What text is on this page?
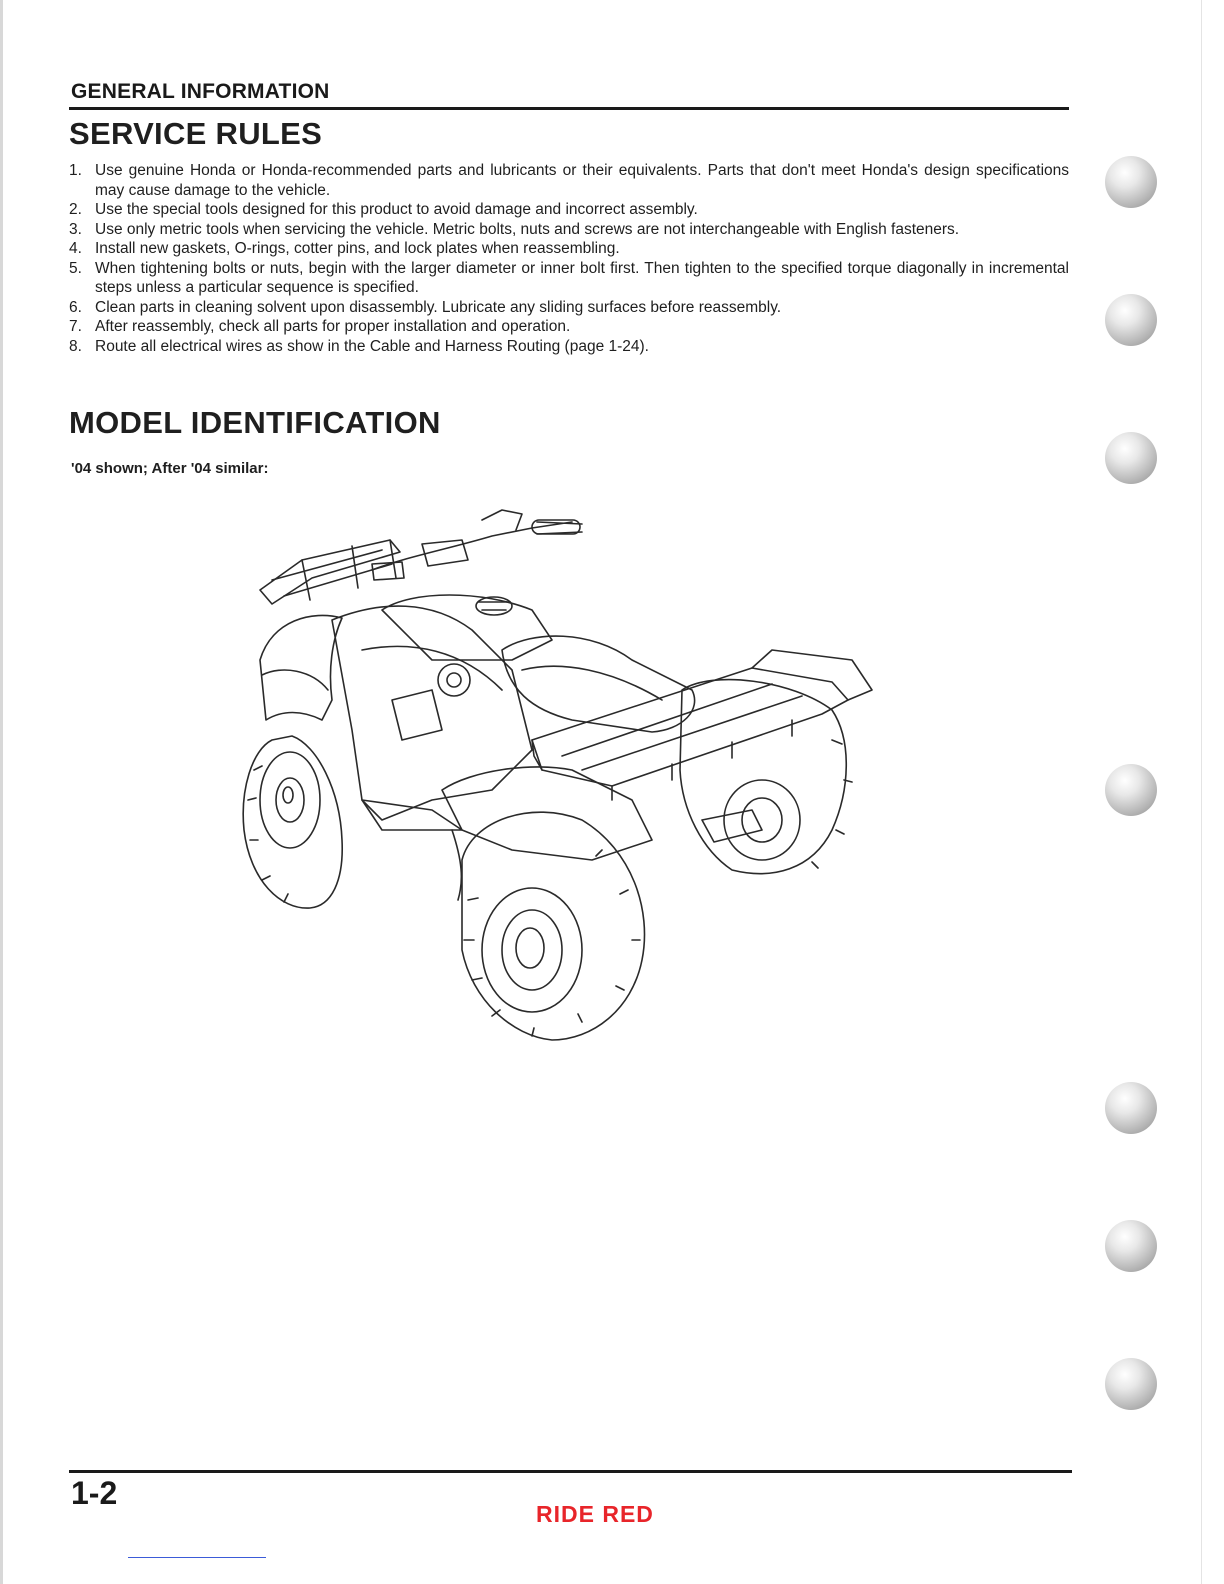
GENERAL INFORMATION
SERVICE RULES
1. Use genuine Honda or Honda-recommended parts and lubricants or their equivalents. Parts that don't meet Honda's design specifications may cause damage to the vehicle.
2. Use the special tools designed for this product to avoid damage and incorrect assembly.
3. Use only metric tools when servicing the vehicle. Metric bolts, nuts and screws are not interchangeable with English fasteners.
4. Install new gaskets, O-rings, cotter pins, and lock plates when reassembling.
5. When tightening bolts or nuts, begin with the larger diameter or inner bolt first. Then tighten to the specified torque diagonally in incremental steps unless a particular sequence is specified.
6. Clean parts in cleaning solvent upon disassembly. Lubricate any sliding surfaces before reassembly.
7. After reassembly, check all parts for proper installation and operation.
8. Route all electrical wires as show in the Cable and Harness Routing (page 1-24).
MODEL IDENTIFICATION
'04 shown; After '04 similar:
1-2
RIDE RED
